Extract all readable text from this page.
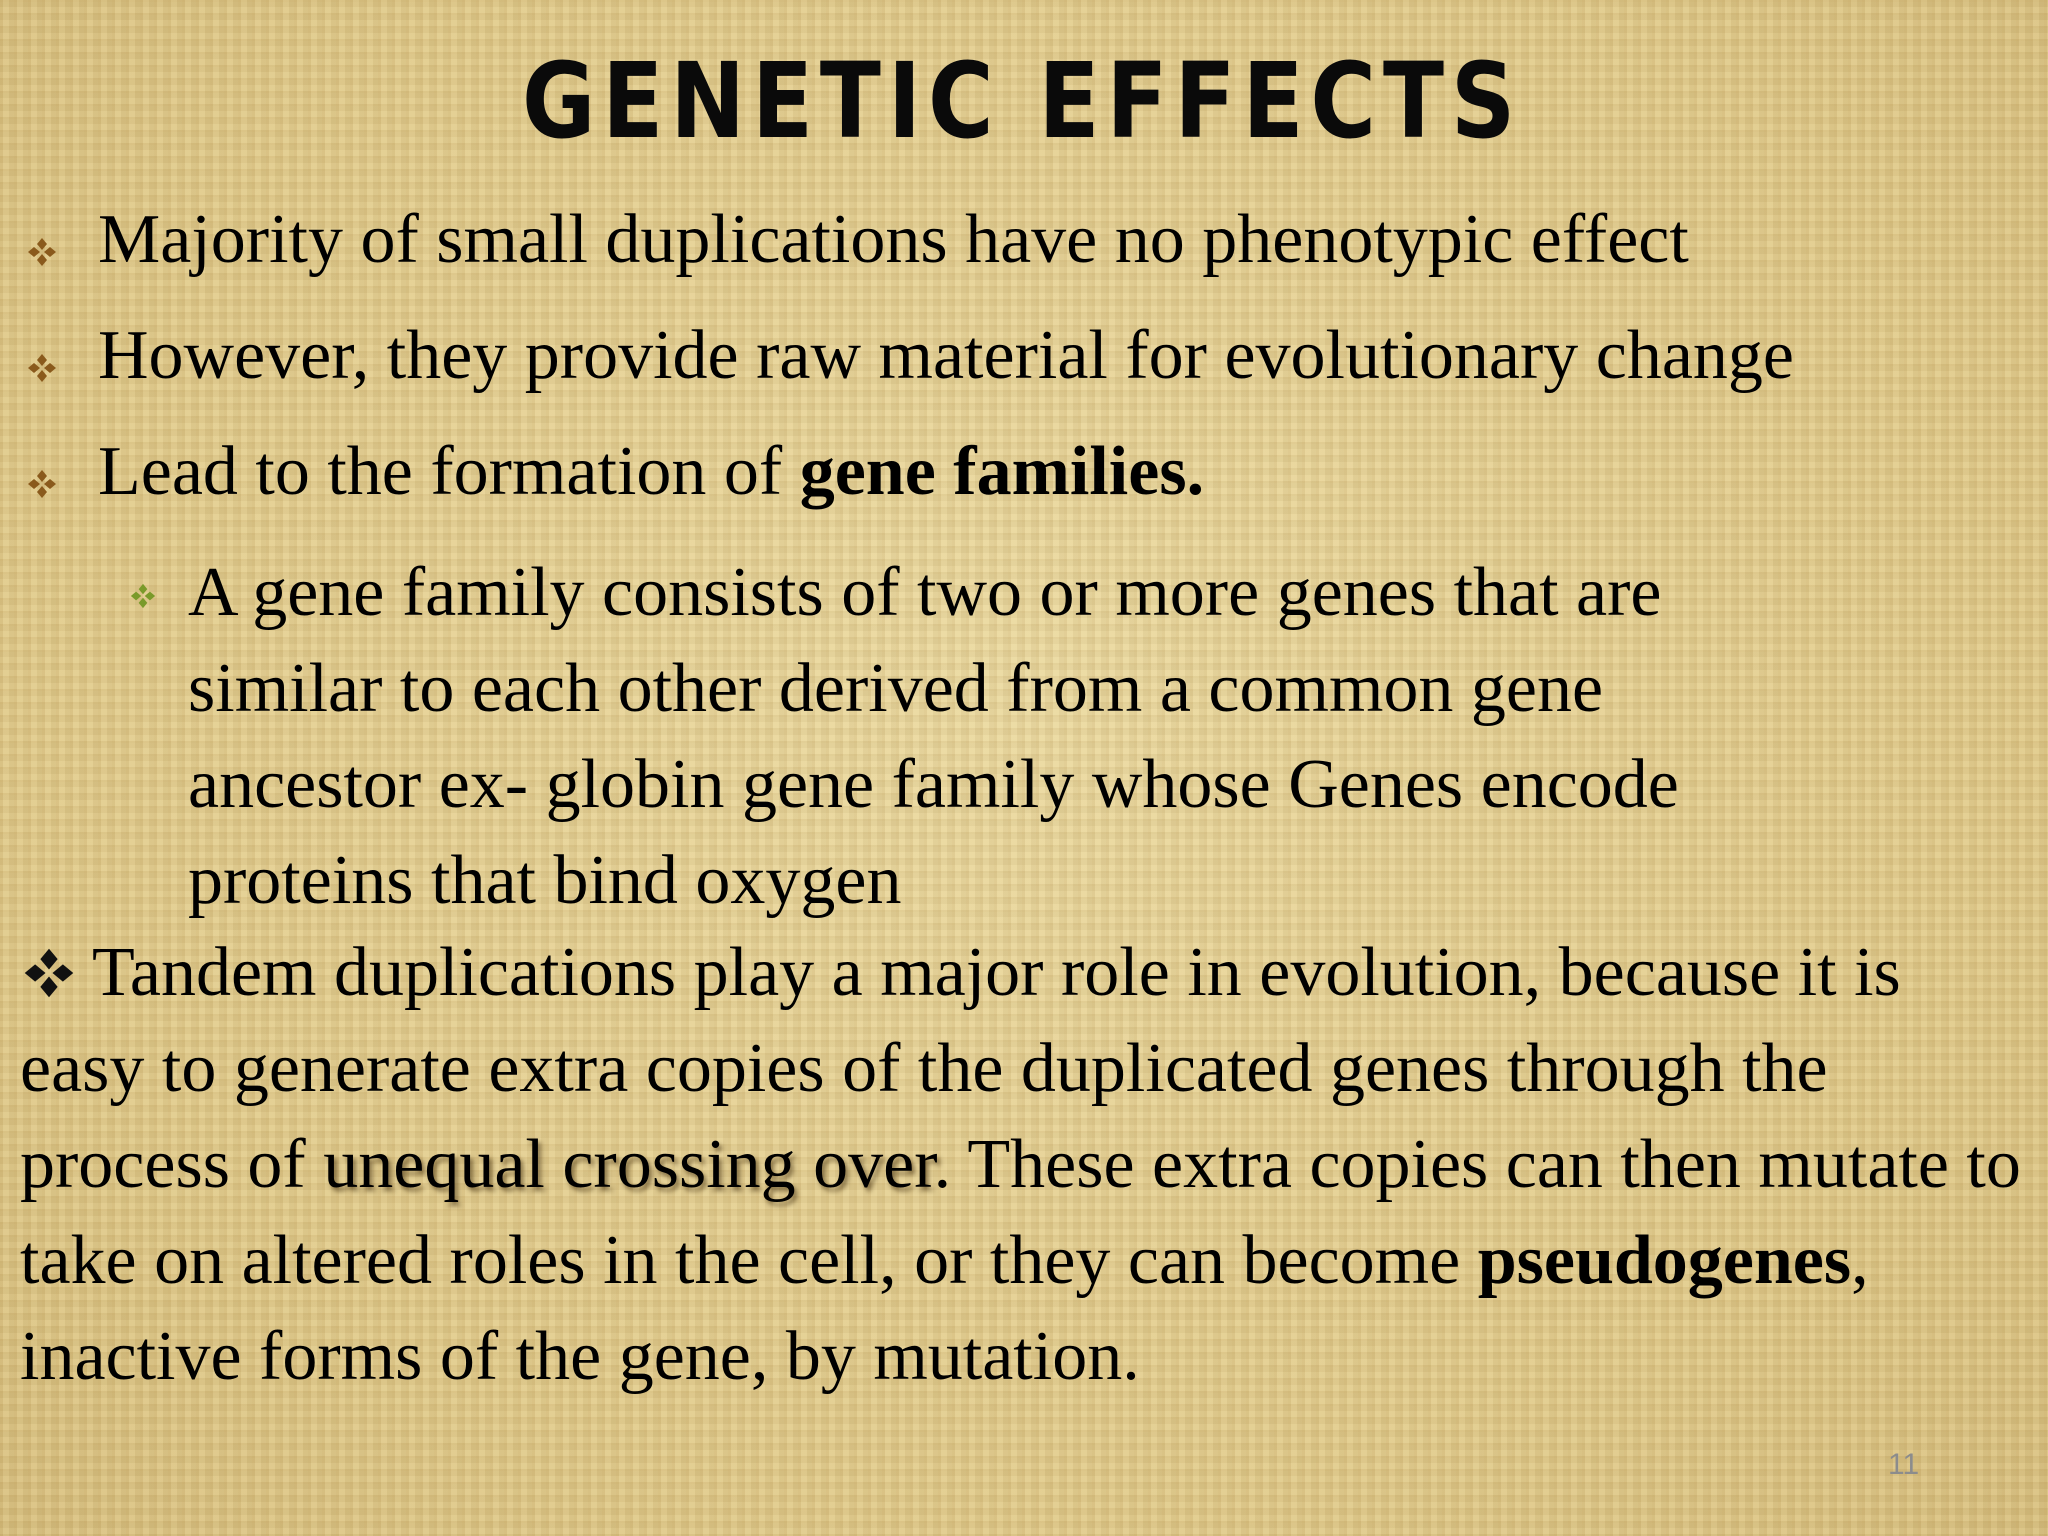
GENETIC EFFECTS
Majority of small duplications have no phenotypic effect
However, they provide raw material for evolutionary change
Lead to the formation of gene families.
A gene family consists of two or more genes that are
similar to each other derived from a common gene
ancestor ex- globin gene family whose Genes encode
proteins that bind oxygen
Tandem duplications play a major role in evolution, because it is easy to generate extra copies of the duplicated genes through the process of unequal crossing over. These extra copies can then mutate to take on altered roles in the cell, or they can become pseudogenes, inactive forms of the gene, by mutation.
11
